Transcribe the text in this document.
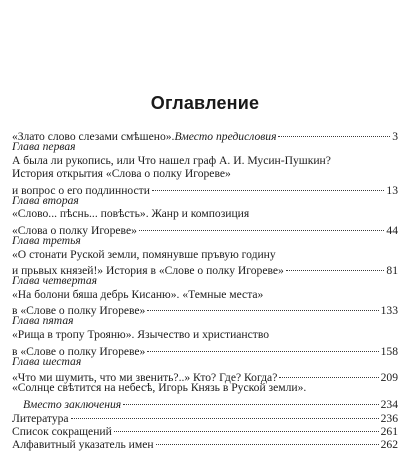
Оглавление
«Злато слово слезами смѣшено». Вместо предисловия	3
Глава первая
А была ли рукопись, или Что нашел граф А. И. Мусин-Пушкин?
История открытия «Слова о полку Игореве»
и вопрос о его подлинности	13
Глава вторая
«Слово... пѣснь... повѣсть». Жанр и композиция
«Слова о полку Игореве»	44
Глава третья
«О стонати Руской земли, помянувше пръвую годину
и прьвых князей!» История в «Слове о полку Игореве»	81
Глава четвертая
«На болони бяша дебрь Кисаню». «Темные места»
в «Слове о полку Игореве»	133
Глава пятая
«Рища в тропу Трояню». Язычество и христианство
в «Слове о полку Игореве»	158
Глава шестая
«Что ми шумить, что ми звенить?..» Кто? Где? Когда?	209
«Солнце свѣтится на небесѣ, Игорь Князь в Руской земли».
Вместо заключения	234
Литература	236
Список сокращений	261
Алфавитный указатель имен	262
